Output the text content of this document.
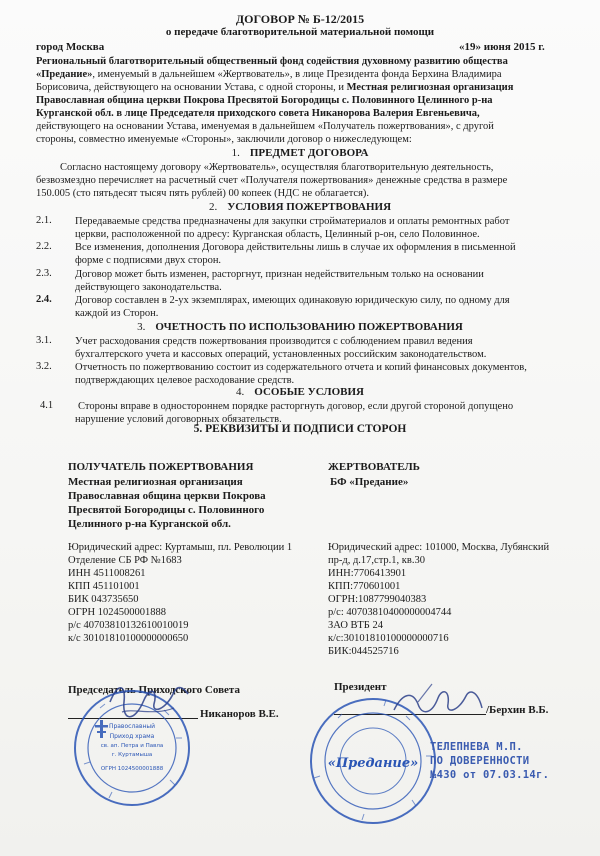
ДОГОВОР № Б-12/2015
о передаче благотворительной материальной помощи
город Москва	«19» июня 2015 г.
Региональный благотворительный общественный фонд содействия духовному развитию общества
«Предание», именуемый в дальнейшем «Жертвователь», в лице Президента фонда Берхина Владимира
Борисовича, действующего на основании Устава, с одной стороны, и Местная религиозная организация
Православная община церкви Покрова Пресвятой Богородицы с. Половинного Целинного р-на
Курганской обл. в лице Председателя приходского совета Никанорова Валерия Евгеньевича,
действующего на основании Устава, именуемая в дальнейшем «Получатель пожертвования», с другой
стороны, совместно именуемые «Стороны», заключили договор о нижеследующем:
1. ПРЕДМЕТ ДОГОВОРА
Согласно настоящему договору «Жертвователь», осуществляя благотворительную деятельность,
безвозмездно перечисляет на расчетный счет «Получателя пожертвования» денежные средства в размере
150.005 (сто пятьдесят тысяч пять рублей) 00 копеек (НДС не облагается).
2. УСЛОВИЯ ПОЖЕРТВОВАНИЯ
2.1. Передаваемые средства предназначены для закупки стройматериалов и оплаты ремонтных работ
церкви, расположенной по адресу: Курганская область, Целинный р-он, село Половинное.
2.2. Все изменения, дополнения Договора действительны лишь в случае их оформления в письменной
форме с подписями двух сторон.
2.3. Договор может быть изменен, расторгнут, признан недействительным только на основании
действующего законодательства.
2.4. Договор составлен в 2-ух экземплярах, имеющих одинаковую юридическую силу, по одному для
каждой из Сторон.
3. ОЧЕТНОСТЬ ПО ИСПОЛЬЗОВАНИЮ ПОЖЕРТВОВАНИЯ
3.1. Учет расходования средств пожертвования производится с соблюдением правил ведения
бухгалтерского учета и кассовых операций, установленных российским законодательством.
3.2. Отчетность по пожертвованию состоит из содержательного отчета и копий финансовых документов,
подтверждающих целевое расходование средств.
4. ОСОБЫЕ УСЛОВИЯ
4.1 Стороны вправе в одностороннем порядке расторгнуть договор, если другой стороной допущено
нарушение условий договорных обязательств.
5. РЕКВИЗИТЫ И ПОДПИСИ СТОРОН
ПОЛУЧАТЕЛЬ ПОЖЕРТВОВАНИЯ
Местная религиозная организация
Православная община церкви Покрова
Пресвятой Богородицы с. Половинного
Целинного р-на Курганской обл.
Юридический адрес: Куртамыш, пл. Революции 1
Отделение СБ РФ №1683
ИНН 4511008261
КПП 451101001
БИК 043735650
ОГРН 1024500001888
р/с 40703810132610010019
к/с 30101810100000000650
ЖЕРТВОВАТЕЛЬ
БФ «Предание»
Юридический адрес: 101000, Москва, Лубянский
пр-д, д.17,стр.1, кв.30
ИНН:7706413901
КПП:770601001
ОГРН:1087799040383
р/с: 40703810400000004744
ЗАО ВТБ 24
к/с:30101810100000000716
БИК:044525716
Председатель Приходского Совета
Никаноров В.Е.
Президент
/Берхин В.Б.
Православный
Приход храма
св. ап. Петра и Павла
г. Куртамыша
ОГРН 1024500001888	«Предание»
ТЕЛЕПНЕВА М.П.
ПО ДОВЕРЕННОСТИ
№430 от 07.03.14г.
